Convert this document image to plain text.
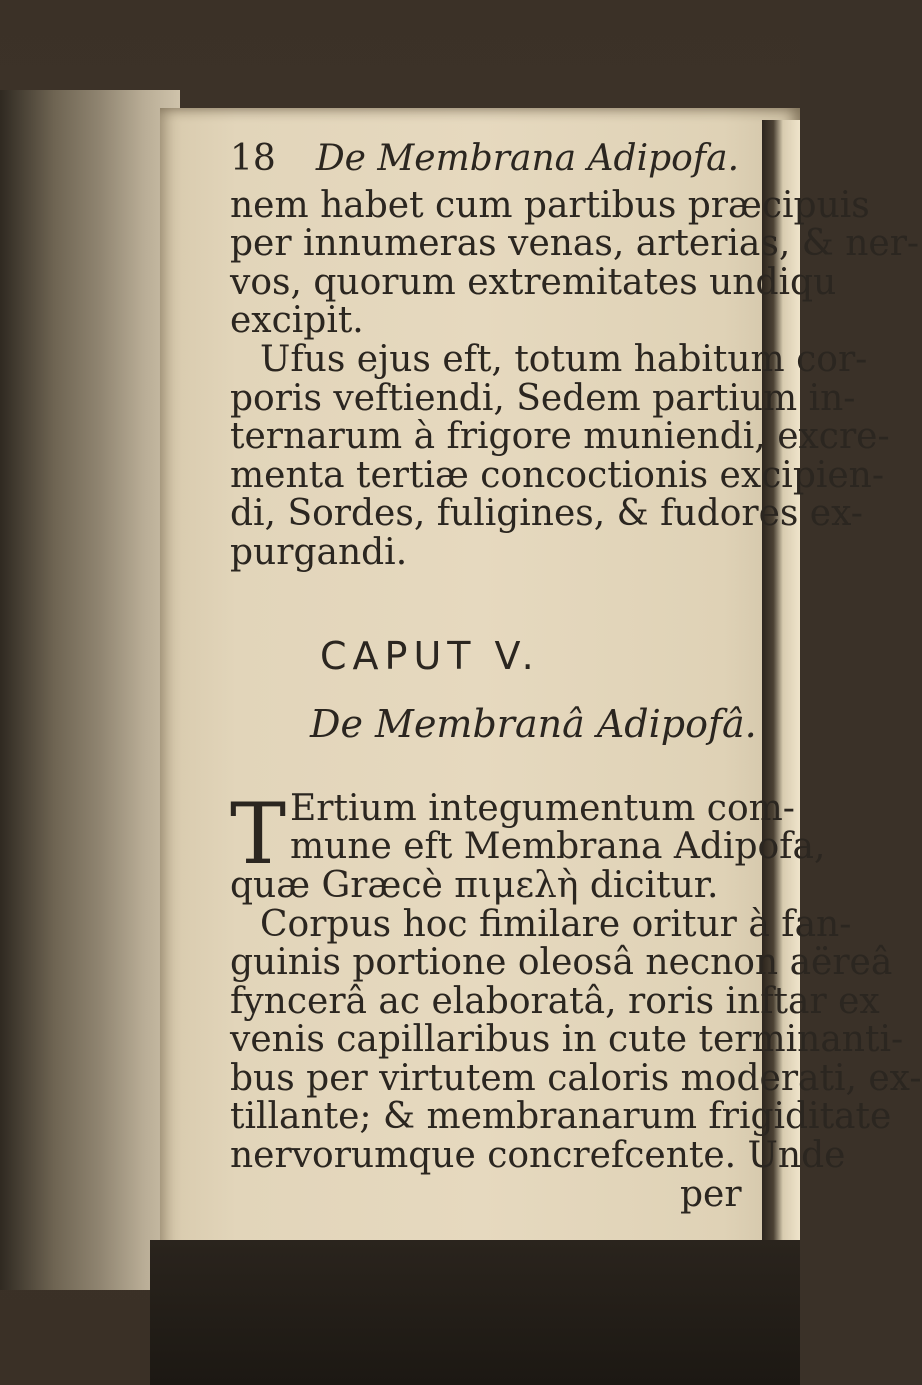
18 De Membrana Adipofa.
nem habet cum partibus præcipuis
per innumeras venas, arterias, & ner-
vos, quorum extremitates undiqu
excipit.
Ufus ejus eft, totum habitum cor-
poris veftiendi, Sedem partium in-
ternarum à frigore muniendi, excre-
menta tertiæ concoctionis excipien-
di, Sordes, fuligines, & fudores ex-
purgandi.
CAPUT V.
De Membranâ Adipofâ.
T Ertium integumentum com-
mune eft Membrana Adipofa,
quæ Græcè πιμελὴ dicitur.
Corpus hoc fimilare oritur à fan-
guinis portione oleosâ necnon aëreâ
fyncerâ ac elaboratâ, roris inftar ex
venis capillaribus in cute terminanti-
bus per virtutem caloris moderati, ex-
tillante; & membranarum frigiditate
nervorumque concrefcente. Unde
per
